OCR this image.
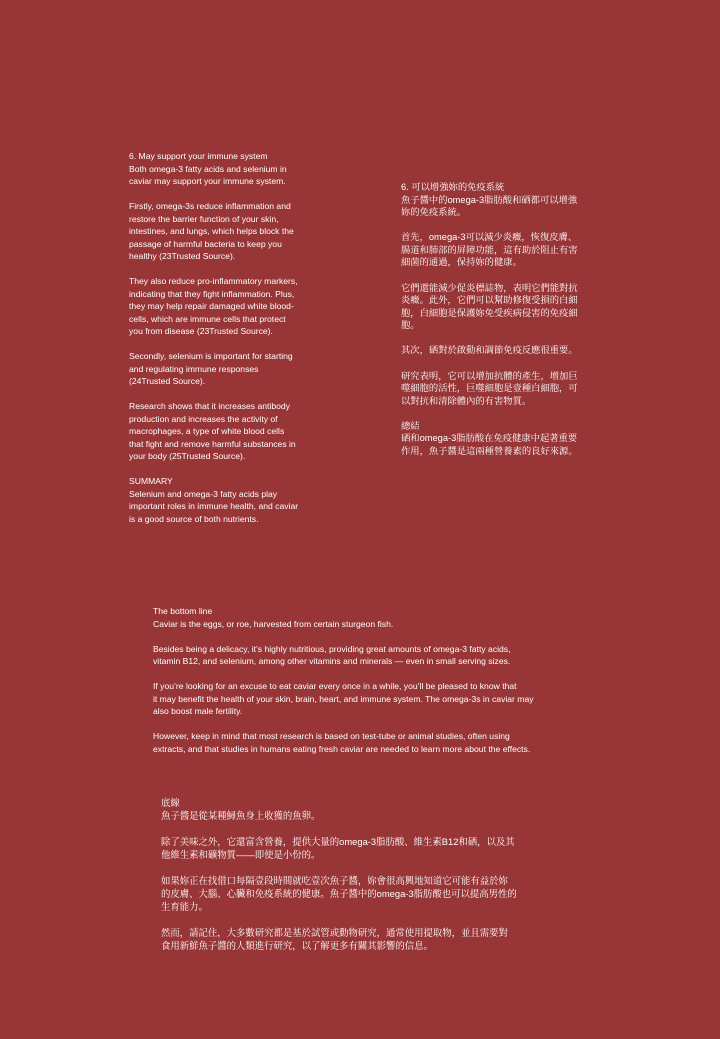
6. May support your immune system
Both omega-3 fatty acids and selenium in
caviar may support your immune system.

Firstly, omega-3s reduce inflammation and
restore the barrier function of your skin,
intestines, and lungs, which helps block the
passage of harmful bacteria to keep you
healthy (23Trusted Source).

They also reduce pro-inflammatory markers,
indicating that they fight inflammation. Plus,
they may help repair damaged white blood-
cells, which are immune cells that protect
you from disease (23Trusted Source).

Secondly, selenium is important for starting
and regulating immune responses
(24Trusted Source).

Research shows that it increases antibody
production and increases the activity of
macrophages, a type of white blood cells
that fight and remove harmful substances in
your body (25Trusted Source).

SUMMARY
Selenium and omega-3 fatty acids play
important roles in immune health, and caviar
is a good source of both nutrients.

6. 可以增強妳的免疫系統
魚子醬中的omega-3脂肪酸和硒都可以增強
妳的免疫系統。

首先，omega-3可以減少炎癥，恢復皮膚、
腸道和肺部的屏障功能，這有助於阻止有害
細菌的通過，保持妳的健康。

它們還能減少促炎標誌物，表明它們能對抗
炎癥。此外，它們可以幫助修復受損的白細
胞，白細胞是保護妳免受疾病侵害的免疫細
胞。

其次，硒對於啟動和調節免疫反應很重要。

研究表明，它可以增加抗體的產生，增加巨
噬細胞的活性，巨噬細胞是壹種白細胞，可
以對抗和清除體內的有害物質。

總結
硒和omega-3脂肪酸在免疫健康中起著重要
作用，魚子醬是這兩種營養素的良好來源。

The bottom line
Caviar is the eggs, or roe, harvested from certain sturgeon fish.

Besides being a delicacy, it’s highly nutritious, providing great amounts of omega-3 fatty acids,
vitamin B12, and selenium, among other vitamins and minerals — even in small serving sizes.

If you’re looking for an excuse to eat caviar every once in a while, you’ll be pleased to know that
it may benefit the health of your skin, brain, heart, and immune system. The omega-3s in caviar may
also boost male fertility.

However, keep in mind that most research is based on test-tube or animal studies, often using
extracts, and that studies in humans eating fresh caviar are needed to learn more about the effects.

底線
魚子醬是從某種鱘魚身上收獲的魚卵。

除了美味之外，它還富含營養，提供大量的omega-3脂肪酸、維生素B12和硒，以及其
他維生素和礦物質——即使是小份的。

如果妳正在找借口每隔壹段時間就吃壹次魚子醬，妳會很高興地知道它可能有益於妳
的皮膚、大腦、心臟和免疫系統的健康。魚子醬中的omega-3脂肪酸也可以提高男性的
生育能力。

然而，請記住，大多數研究都是基於試管或動物研究，通常使用提取物，並且需要對
食用新鮮魚子醬的人類進行研究，以了解更多有關其影響的信息。
